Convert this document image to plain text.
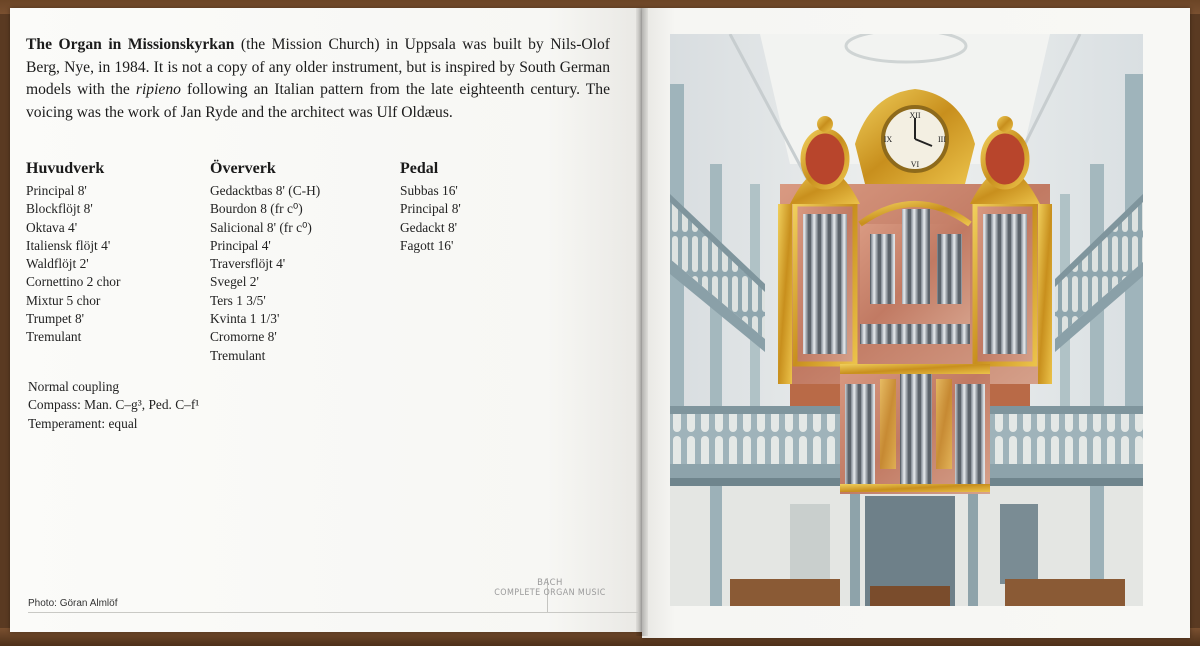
The Organ in Missionskyrkan (the Mission Church) in Uppsala was built by Nils-Olof Berg, Nye, in 1984. It is not a copy of any older instrument, but is inspired by South German models with the ripieno following an Italian pattern from the late eighteenth century. The voicing was the work of Jan Ryde and the architect was Ulf Oldæus.

Huvudverk
Principal 8'
Blockflöjt 8'
Oktava 4'
Italiensk flöjt 4'
Waldflöjt 2'
Cornettino 2 chor
Mixtur 5 chor
Trumpet 8'
Tremulant
Öververk
Gedacktbas 8' (C-H)
Bourdon 8 (fr c⁰)
Salicional 8' (fr c⁰)
Principal 4'
Traversflöjt 4'
Svegel 2'
Ters 1 3/5'
Kvinta 1 1/3'
Cromorne 8'
Tremulant
Pedal
Subbas 16'
Principal 8'
Gedackt 8'
Fagott 16'
Normal coupling
Compass: Man. C–g³, Ped. C–f¹
Temperament: equal
Photo: Göran Almlöf
BACH
COMPLETE ORGAN MUSIC
XII
III
VI
IX
